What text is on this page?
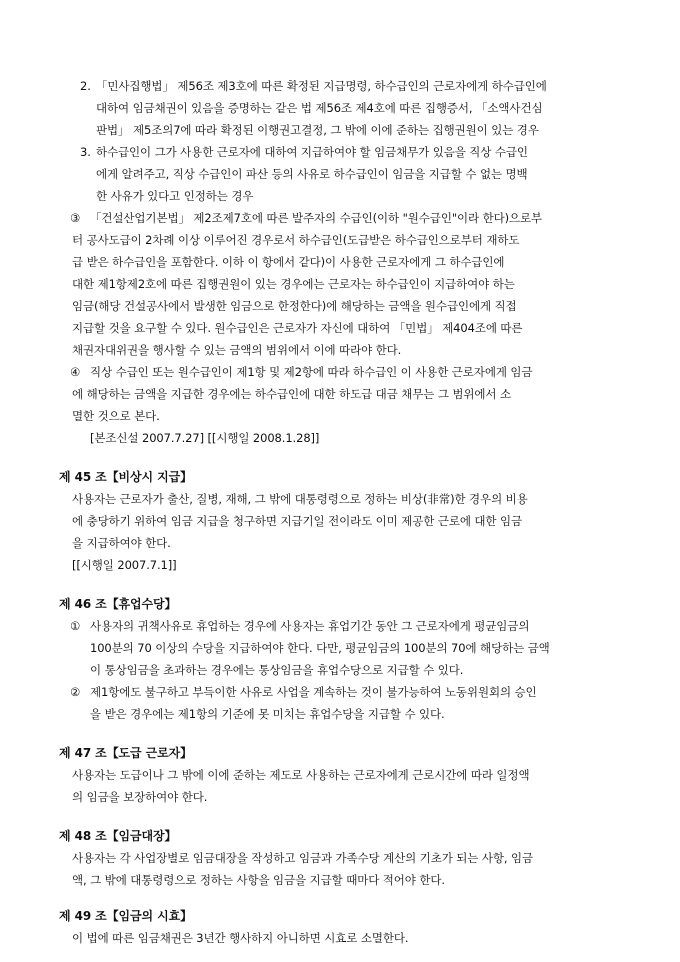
2. 「민사집행법」 제56조 제3호에 따른 확정된 지급명령, 하수급인의 근로자에게 하수급인에
대하여 임금채권이 있음을 증명하는 같은 법 제56조 제4호에 따른 집행증서, 「소액사건심
판법」 제5조의7에 따라 확정된 이행권고결정, 그 밖에 이에 준하는 집행권원이 있는 경우
3. 하수급인이 그가 사용한 근로자에 대하여 지급하여야 할 임금채무가 있음을 직상 수급인
에게 알려주고, 직상 수급인이 파산 등의 사유로 하수급인이 임금을 지급할 수 없는 명백
한 사유가 있다고 인정하는 경우
③ 「건설산업기본법」 제2조제7호에 따른 발주자의 수급인(이하 "원수급인"이라 한다)으로부
터 공사도급이 2차례 이상 이루어진 경우로서 하수급인(도급받은 하수급인으로부터 재하도
급 받은 하수급인을 포함한다. 이하 이 항에서 같다)이 사용한 근로자에게 그 하수급인에
대한 제1항제2호에 따른 집행권원이 있는 경우에는 근로자는 하수급인이 지급하여야 하는
임금(해당 건설공사에서 발생한 임금으로 한정한다)에 해당하는 금액을 원수급인에게 직접
지급할 것을 요구할 수 있다. 원수급인은 근로자가 자신에 대하여 「민법」 제404조에 따른
채권자대위권을 행사할 수 있는 금액의 범위에서 이에 따라야 한다.
④ 직상 수급인 또는 원수급인이 제1항 및 제2항에 따라 하수급인 이 사용한 근로자에게 임금
에 해당하는 금액을 지급한 경우에는 하수급인에 대한 하도급 대금 채무는 그 범위에서 소
멸한 것으로 본다.
[본조신설 2007.7.27] [[시행일 2008.1.28]]
제 45 조【비상시 지급】
사용자는 근로자가 출산, 질병, 재해, 그 밖에 대통령령으로 정하는 비상(非常)한 경우의 비용
에 충당하기 위하여 임금 지급을 청구하면 지급기일 전이라도 이미 제공한 근로에 대한 임금
을 지급하여야 한다.
[[시행일 2007.7.1]]
제 46 조【휴업수당】
① 사용자의 귀책사유로 휴업하는 경우에 사용자는 휴업기간 동안 그 근로자에게 평균임금의
100분의 70 이상의 수당을 지급하여야 한다. 다만, 평균임금의 100분의 70에 해당하는 금액
이 통상임금을 초과하는 경우에는 통상임금을 휴업수당으로 지급할 수 있다.
② 제1항에도 불구하고 부득이한 사유로 사업을 계속하는 것이 불가능하여 노동위원회의 승인
을 받은 경우에는 제1항의 기준에 못 미치는 휴업수당을 지급할 수 있다.
제 47 조【도급 근로자】
사용자는 도급이나 그 밖에 이에 준하는 제도로 사용하는 근로자에게 근로시간에 따라 일정액
의 임금을 보장하여야 한다.
제 48 조【임금대장】
사용자는 각 사업장별로 임금대장을 작성하고 임금과 가족수당 계산의 기초가 되는 사항, 임금
액, 그 밖에 대통령령으로 정하는 사항을 임금을 지급할 때마다 적어야 한다.
제 49 조【임금의 시효】
이 법에 따른 임금채권은 3년간 행사하지 아니하면 시효로 소멸한다.
